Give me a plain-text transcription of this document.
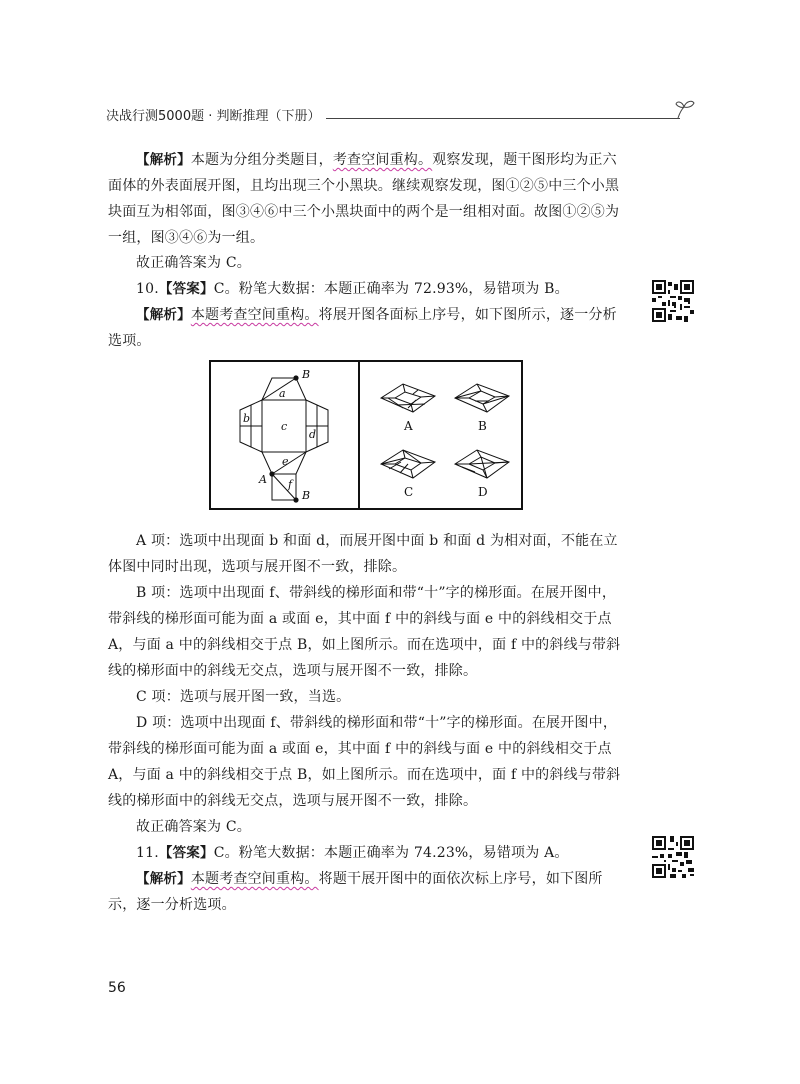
决战行测5000题 · 判断推理（下册）

【解析】本题为分组分类题目，考查空间重构。观察发现，题干图形均为正六面体的外表面展开图，且均出现三个小黑块。继续观察发现，图①②⑤中三个小黑块面互为相邻面，图③④⑥中三个小黑块面中的两个是一组相对面。故图①②⑤为一组，图③④⑥为一组。

故正确答案为 C。

10.【答案】C。粉笔大数据：本题正确率为 72.93%，易错项为 B。

【解析】本题考查空间重构。将展开图各面标上序号，如下图所示，逐一分析选项。

a
b
c
d
e
f
A
B
B
A	B
C	D

A 项：选项中出现面 b 和面 d，而展开图中面 b 和面 d 为相对面，不能在立体图中同时出现，选项与展开图不一致，排除。

B 项：选项中出现面 f、带斜线的梯形面和带“十”字的梯形面。在展开图中，带斜线的梯形面可能为面 a 或面 e，其中面 f 中的斜线与面 e 中的斜线相交于点 A，与面 a 中的斜线相交于点 B，如上图所示。而在选项中，面 f 中的斜线与带斜线的梯形面中的斜线无交点，选项与展开图不一致，排除。

C 项：选项与展开图一致，当选。

D 项：选项中出现面 f、带斜线的梯形面和带“十”字的梯形面。在展开图中，带斜线的梯形面可能为面 a 或面 e，其中面 f 中的斜线与面 e 中的斜线相交于点 A，与面 a 中的斜线相交于点 B，如上图所示。而在选项中，面 f 中的斜线与带斜线的梯形面中的斜线无交点，选项与展开图不一致，排除。

故正确答案为 C。

11.【答案】C。粉笔大数据：本题正确率为 74.23%，易错项为 A。

【解析】本题考查空间重构。将题干展开图中的面依次标上序号，如下图所示，逐一分析选项。

56
